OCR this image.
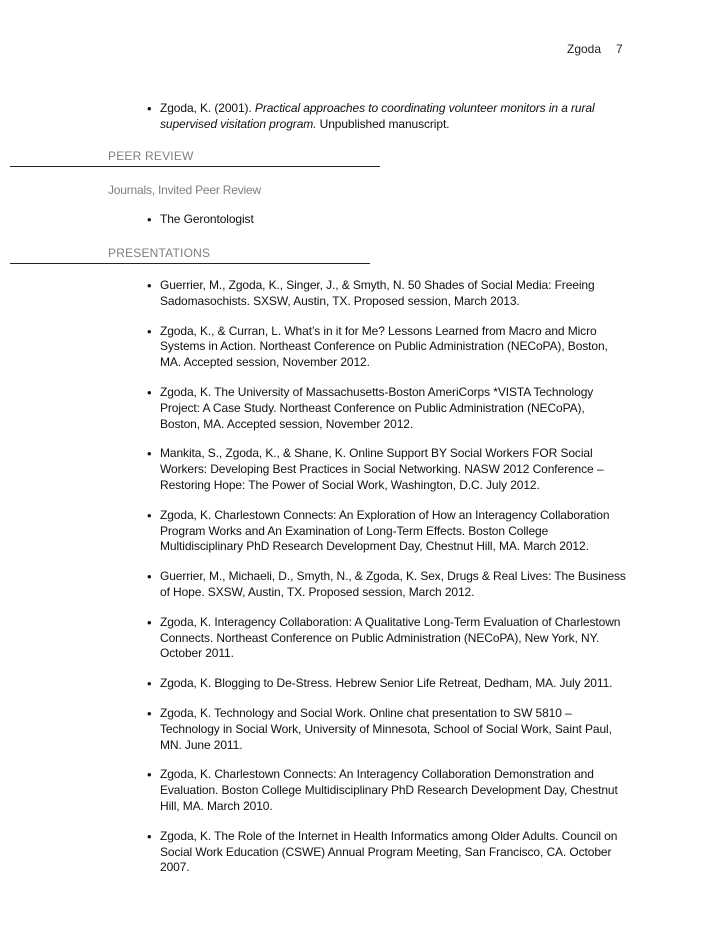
Zgoda 7
• Zgoda, K. (2001). Practical approaches to coordinating volunteer monitors in a rural supervised visitation program. Unpublished manuscript.
PEER REVIEW
Journals, Invited Peer Review
• The Gerontologist
PRESENTATIONS
• Guerrier, M., Zgoda, K., Singer, J., & Smyth, N. 50 Shades of Social Media: Freeing Sadomasochists. SXSW, Austin, TX. Proposed session, March 2013.
• Zgoda, K., & Curran, L. What’s in it for Me? Lessons Learned from Macro and Micro Systems in Action. Northeast Conference on Public Administration (NECoPA), Boston, MA. Accepted session, November 2012.
• Zgoda, K. The University of Massachusetts-Boston AmeriCorps *VISTA Technology Project: A Case Study. Northeast Conference on Public Administration (NECoPA), Boston, MA. Accepted session, November 2012.
• Mankita, S., Zgoda, K., & Shane, K. Online Support BY Social Workers FOR Social Workers: Developing Best Practices in Social Networking. NASW 2012 Conference – Restoring Hope: The Power of Social Work, Washington, D.C. July 2012.
• Zgoda, K. Charlestown Connects: An Exploration of How an Interagency Collaboration Program Works and An Examination of Long-Term Effects. Boston College Multidisciplinary PhD Research Development Day, Chestnut Hill, MA. March 2012.
• Guerrier, M., Michaeli, D., Smyth, N., & Zgoda, K. Sex, Drugs & Real Lives: The Business of Hope. SXSW, Austin, TX. Proposed session, March 2012.
• Zgoda, K. Interagency Collaboration: A Qualitative Long-Term Evaluation of Charlestown Connects. Northeast Conference on Public Administration (NECoPA), New York, NY. October 2011.
• Zgoda, K. Blogging to De-Stress. Hebrew Senior Life Retreat, Dedham, MA. July 2011.
• Zgoda, K. Technology and Social Work. Online chat presentation to SW 5810 – Technology in Social Work, University of Minnesota, School of Social Work, Saint Paul, MN. June 2011.
• Zgoda, K. Charlestown Connects: An Interagency Collaboration Demonstration and Evaluation. Boston College Multidisciplinary PhD Research Development Day, Chestnut Hill, MA. March 2010.
• Zgoda, K. The Role of the Internet in Health Informatics among Older Adults. Council on Social Work Education (CSWE) Annual Program Meeting, San Francisco, CA. October 2007.
